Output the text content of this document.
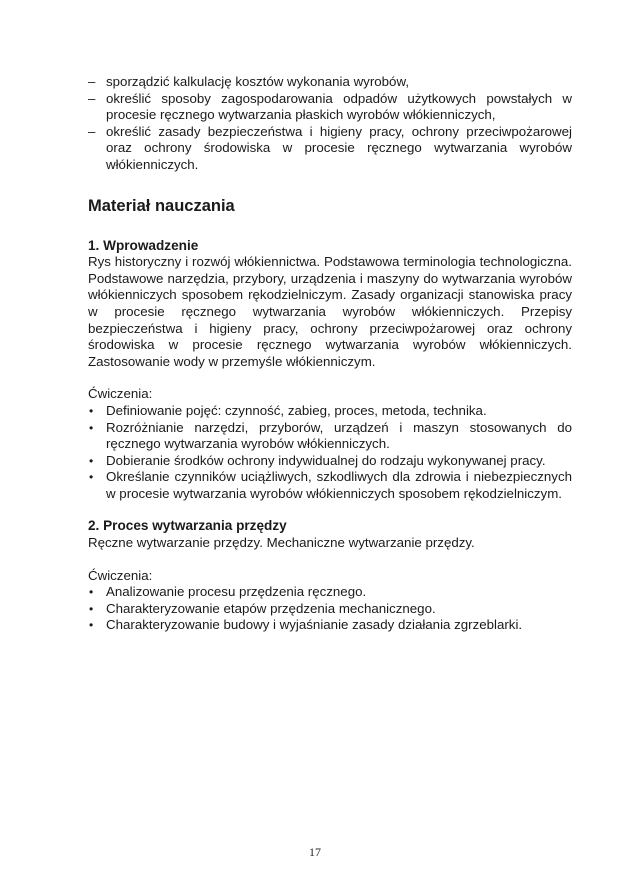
– sporządzić kalkulację kosztów wykonania wyrobów,
– określić sposoby zagospodarowania odpadów użytkowych powstałych w procesie ręcznego wytwarzania płaskich wyrobów włókienniczych,
– określić zasady bezpieczeństwa i higieny pracy, ochrony przeciwpożarowej oraz ochrony środowiska w procesie ręcznego wytwarzania wyrobów włókienniczych.
Materiał nauczania
1. Wprowadzenie

Rys historyczny i rozwój włókiennictwa. Podstawowa terminologia technologiczna. Podstawowe narzędzia, przybory, urządzenia i maszyny do wytwarzania wyrobów włókienniczych sposobem rękodzielniczym. Zasady organizacji stanowiska pracy w procesie ręcznego wytwarzania wyrobów włókienniczych. Przepisy bezpieczeństwa i higieny pracy, ochrony przeciwpożarowej oraz ochrony środowiska w procesie ręcznego wytwarzania wyrobów włókienniczych. Zastosowanie wody w przemyśle włókienniczym.

Ćwiczenia:

• Definiowanie pojęć: czynność, zabieg, proces, metoda, technika.
• Rozróżnianie narzędzi, przyborów, urządzeń i maszyn stosowanych do ręcznego wytwarzania wyrobów włókienniczych.
• Dobieranie środków ochrony indywidualnej do rodzaju wykonywanej pracy.
• Określanie czynników uciążliwych, szkodliwych dla zdrowia i niebezpiecznych w procesie wytwarzania wyrobów włókienniczych sposobem rękodzielniczym.
2. Proces wytwarzania przędzy

Ręczne wytwarzanie przędzy. Mechaniczne wytwarzanie przędzy.

Ćwiczenia:

• Analizowanie procesu przędzenia ręcznego.
• Charakteryzowanie etapów przędzenia mechanicznego.
• Charakteryzowanie budowy i wyjaśnianie zasady działania zgrzeblarki.
17
